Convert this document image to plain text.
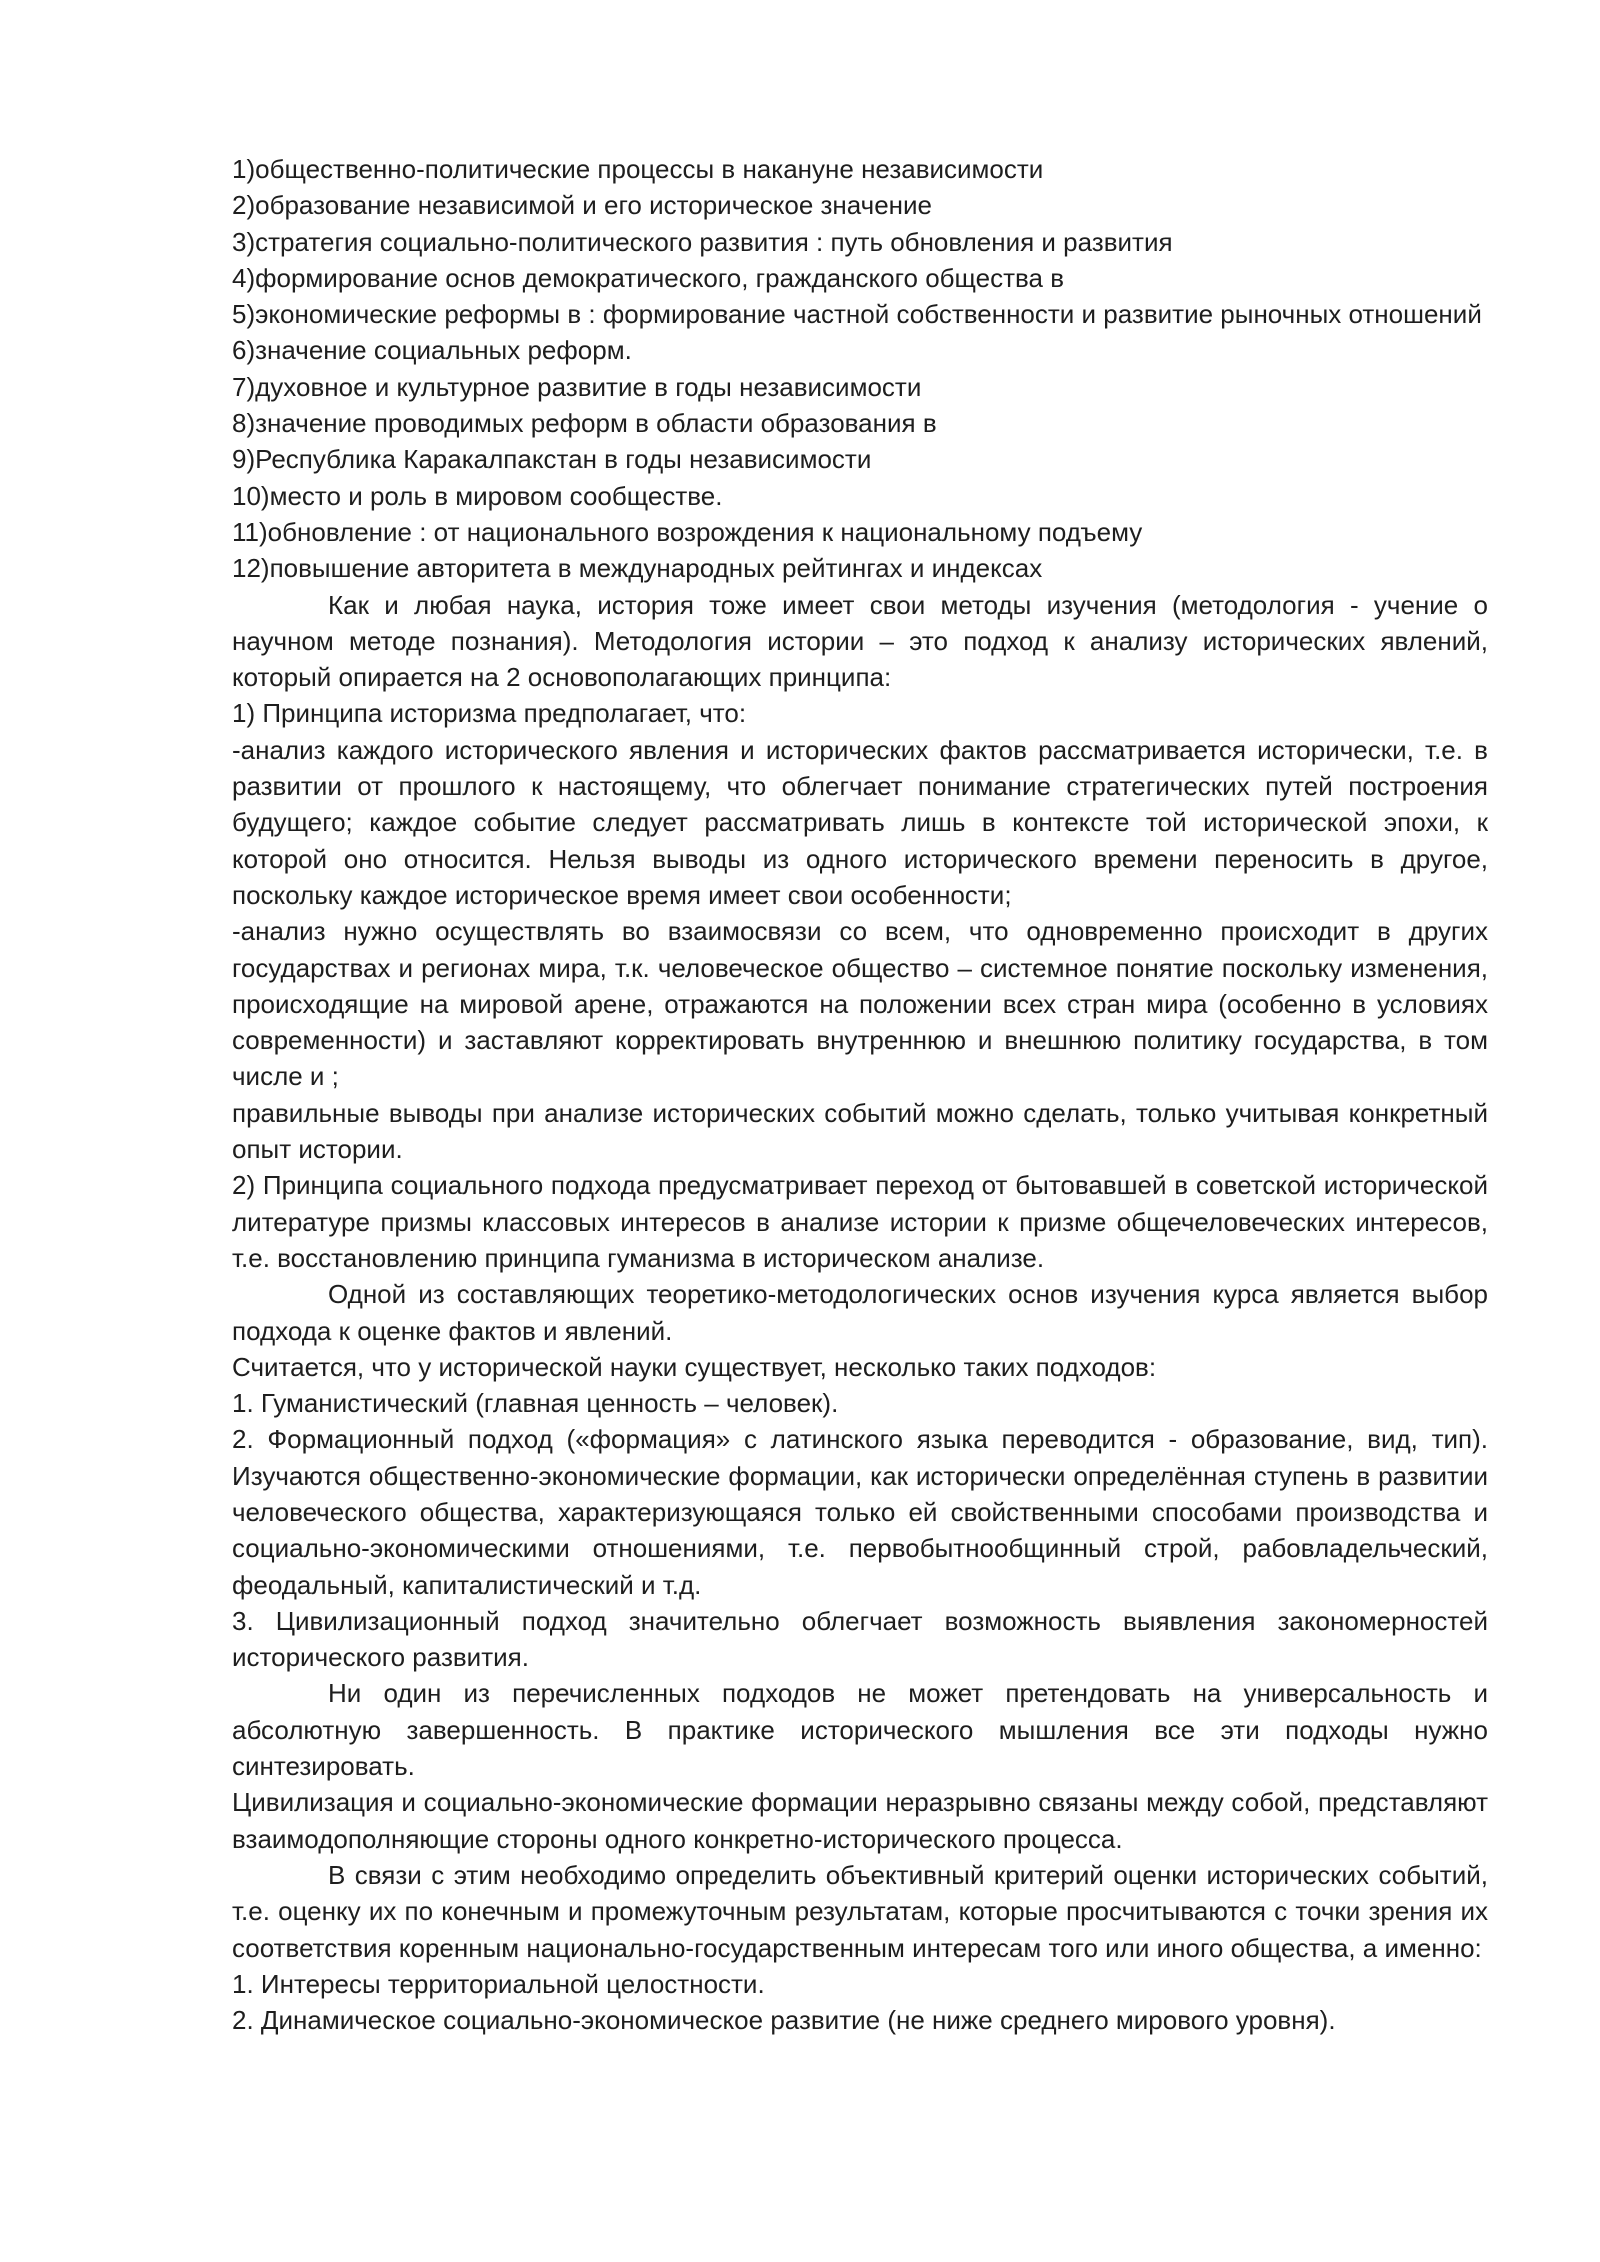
1)общественно-политические процессы в накануне независимости

2)образование независимой и его историческое значение

3)стратегия социально-политического развития : путь обновления и развития

4)формирование основ демократического, гражданского общества в

5)экономические реформы в : формирование частной собственности и развитие рыночных отношений

6)значение социальных реформ.

7)духовное и культурное развитие в годы независимости

8)значение проводимых реформ в области образования в

9)Республика Каракалпакстан в годы независимости

10)место и роль в мировом сообществе.

11)обновление : от национального возрождения к национальному подъему

12)повышение авторитета в международных рейтингах и индексах

Как и любая наука, история тоже имеет свои методы изучения (методология - учение о научном методе познания). Методология истории – это подход к анализу исторических явлений, который опирается на 2 основополагающих принципа:

1) Принципа историзма предполагает, что:

-анализ каждого исторического явления и исторических фактов рассматривается исторически, т.е. в развитии от прошлого к настоящему, что облегчает понимание стратегических путей построения будущего; каждое событие следует рассматривать лишь в контексте той исторической эпохи, к которой оно относится. Нельзя выводы из одного исторического времени переносить в другое, поскольку каждое историческое время имеет свои особенности;

-анализ нужно осуществлять во взаимосвязи со всем, что одновременно происходит в других государствах и регионах мира, т.к. человеческое общество – системное понятие поскольку изменения, происходящие на мировой арене, отражаются на положении всех стран мира (особенно в условиях современности) и заставляют корректировать внутреннюю и внешнюю политику государства, в том числе и ;

правильные выводы при анализе исторических событий можно сделать, только учитывая конкретный опыт истории.

2) Принципа социального подхода предусматривает переход от бытовавшей в советской исторической литературе призмы классовых интересов в анализе истории к призме общечеловеческих интересов, т.е. восстановлению принципа гуманизма в историческом анализе.

Одной из составляющих теоретико-методологических основ изучения курса является выбор подхода к оценке фактов и явлений.

Считается, что у исторической науки существует, несколько таких подходов:

1. Гуманистический (главная ценность – человек).

2. Формационный подход («формация» с латинского языка переводится - образование, вид, тип). Изучаются общественно-экономические формации, как исторически определённая ступень в развитии человеческого общества, характеризующаяся только ей свойственными способами производства и социально-экономическими отношениями, т.е. первобытнообщинный строй, рабовладельческий, феодальный, капиталистический и т.д.

3. Цивилизационный подход значительно облегчает возможность выявления закономерностей исторического развития.

Ни один из перечисленных подходов не может претендовать на универсальность и абсолютную завершенность. В практике исторического мышления все эти подходы нужно синтезировать.

Цивилизация и социально-экономические формации неразрывно связаны между собой, представляют взаимодополняющие стороны одного конкретно-исторического процесса.

В связи с этим необходимо определить объективный критерий оценки исторических событий, т.е. оценку их по конечным и промежуточным результатам, которые просчитываются с точки зрения их соответствия коренным национально-государственным интересам того или иного общества, а именно:

1. Интересы территориальной целостности.

2. Динамическое социально-экономическое развитие (не ниже среднего мирового уровня).
